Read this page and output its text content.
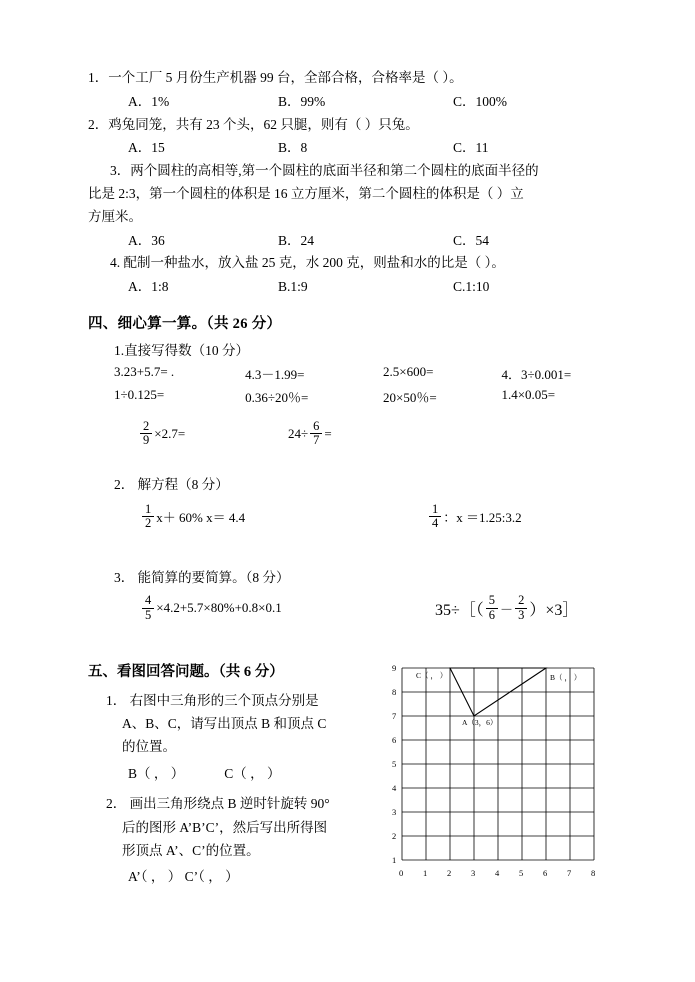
1．一个工厂 5 月份生产机器 99 台，全部合格，合格率是（ ）。
A．1%	B．99%	C．100%
2．鸡兔同笼，共有 23 个头，62 只腿，则有（ ）只兔。
A．15	B．8	C．11
3．两个圆柱的高相等,第一个圆柱的底面半径和第二个圆柱的底面半径的
比是 2:3，第一个圆柱的体积是 16 立方厘米，第二个圆柱的体积是（ ）立
方厘米。
A．36	B．24	C．54
4. 配制一种盐水，放入盐 25 克，水 200 克，则盐和水的比是（ ）。
A．1:8	B.1:9	C.1:10
四、细心算一算。（共 26 分）
1.直接写得数（10 分）
3.23+5.7= .	4.3－1.99=	2.5×600=	4．3÷0.001=
1÷0.125=	0.36÷20％=	20×50％=	1.4×0.05=
$\frac{2}{9} \times 2.7=$	$24\div \frac{6}{7}$ =
2． 解方程（8 分）
$\frac{1}{2} x+ 60\%$ x＝ 4.4	$\frac{1}{4}$ ：x ＝1.25:3.2
3． 能简算的要简算。（8 分）
$\frac{4}{5} \times 4.2+5.7\times 80\%+0.8\times 0.1$	35÷［（ $\frac{5}{6} - \frac{2}{3}$ ）×3］
五、看图回答问题。（共 6 分）
1． 右图中三角形的三个顶点分别是
A、B、C，请写出顶点 B 和顶点 C
的位置。
B（ ， ）	C（ ， ）
2． 画出三角形绕点 B 逆时针旋转 90°
后的图形 A’B’C’，然后写出所得图
形顶点 A’、C’的位置。
A’（ ， ） C’（ ， ）
9
8
7
6
5
4
3
2
1
0 1 2 3 4 5 6 7 8
C（ ， ）
A（3，6）
B（ ， ）
